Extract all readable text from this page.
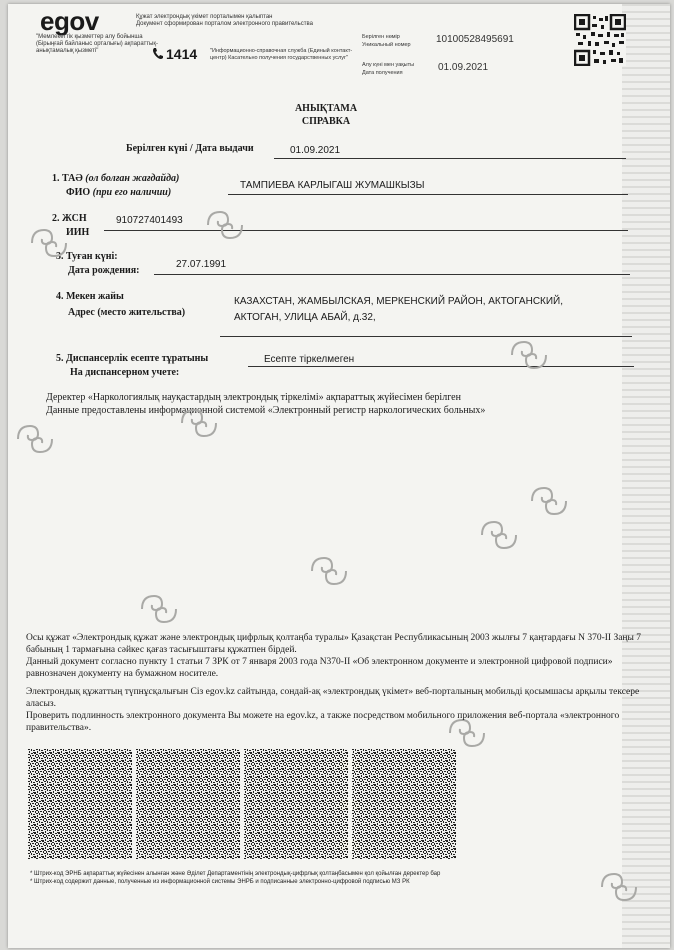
egov
"Мемлекеттік қызметтер алу бойынша (Бірыңғай байланыс орталығы) ақпараттық-анықтамалық қызметі"
Құжат электрондық үкімет порталымен қалыптан
Документ сформирован порталом электронного правительства
1414 "Информационно-справочная служба (Единый контакт-центр) Касательно получения государственных услуг"
Берілген нөмір
Уникальный номер	10100528495691
Алу күні мен уақыты
Дата получения	01.09.2021
АНЫҚТАМА
СПРАВКА
Берілген күні / Дата выдачи	01.09.2021
1. ТАӘ (ол болған жағдайда)
ФИО (при его наличии)
ТАМПИЕВА КАРЛЫГАШ ЖУМАШКЫЗЫ
2. ЖСН
ИИН
910727401493
3. Туған күні:
Дата рождения:
27.07.1991
4. Мекен жайы
Адрес (место жительства)
КАЗАХСТАН, ЖАМБЫЛСКАЯ, МЕРКЕНСКИЙ РАЙОН, АКТОГАНСКИЙ,
АКТОГАН, УЛИЦА АБАЙ, д.32,
5. Диспансерлік есепте тұратыны
На диспансерном учете:
Есепте тіркелмеген
Деректер «Наркологиялық науқастардың электрондық тіркелімі» ақпараттық жүйесімен берілген
Данные предоставлены информационной системой «Электронный регистр наркологических больных»
Осы құжат «Электрондық құжат және электрондық цифрлық қолтаңба туралы» Қазақстан Республикасының 2003 жылғы 7 қаңтардағы N 370-II Заңы 7 бабының 1 тармағына сәйкес қағаз тасығыштағы құжатпен бірдей.
Данный документ согласно пункту 1 статьи 7 ЗРК от 7 января 2003 года N370-II «Об электронном документе и электронной цифровой подписи» равнозначен документу на бумажном носителе.
Электрондық құжаттың түпнұсқалығын Сіз egov.kz сайтында, сондай-ақ «электрондық үкімет» веб-порталының мобильді қосымшасы арқылы тексере аласыз.
Проверить подлинность электронного документа Вы можете на egov.kz, а также посредством мобильного приложения веб-портала «электронного правительства».
* Штрих-код ЭРНБ ақпараттық жүйесінен алынған және Әділет Департаментінің электрондық-цифрлық қолтаңбасымен қол қойылған деректер бар
* Штрих-код содержит данные, полученные из информационной системы ЭНРБ и подписанные электронно-цифровой подписью МЗ РК
